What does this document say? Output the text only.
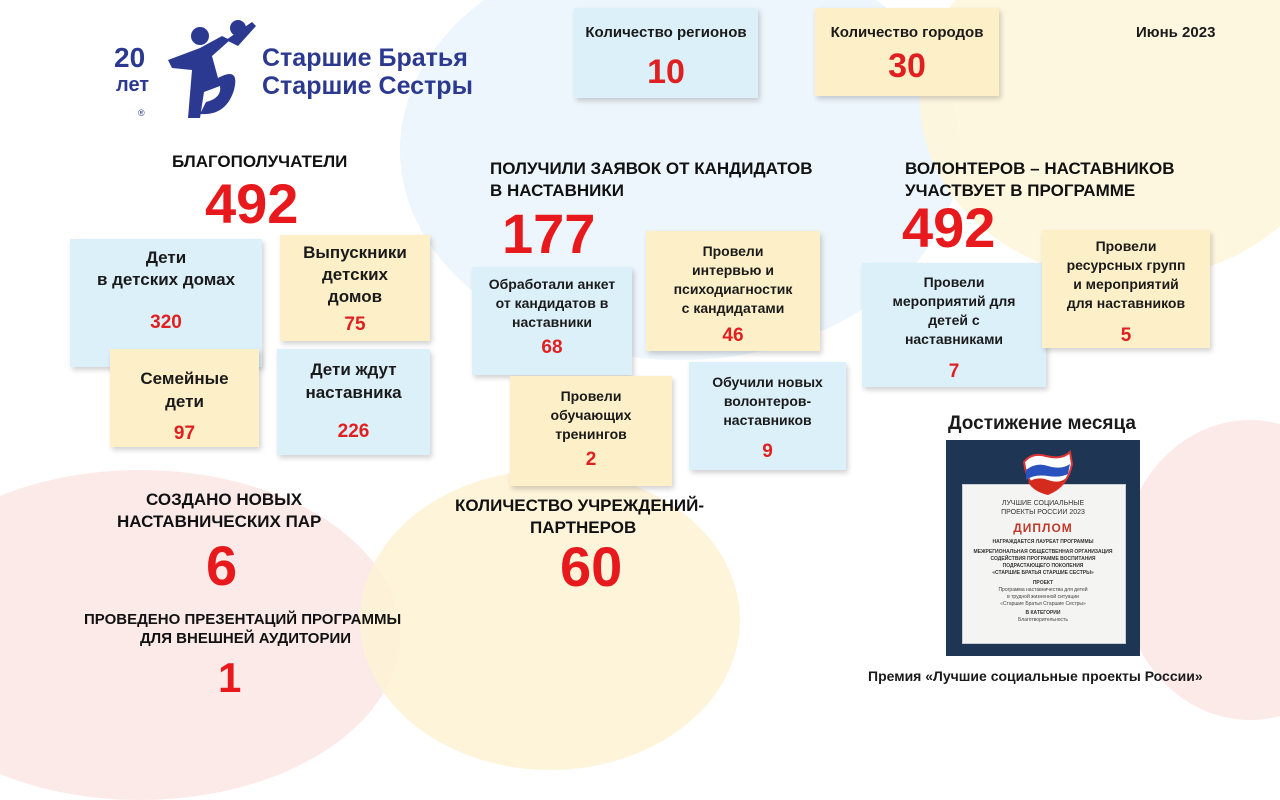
20
лет
®
Старшие Братья
Старшие Сестры
Количество регионов
10
Количество городов
30
Июнь 2023
БЛАГОПОЛУЧАТЕЛИ
492
Дети
в детских домах
320
Выпускники
детских
домов
75
Семейные
дети
97
Дети ждут
наставника
226
ПОЛУЧИЛИ ЗАЯВОК ОТ КАНДИДАТОВ
В НАСТАВНИКИ
177
Обработали анкет
от кандидатов в
наставники
68
Провели
интервью и
психодиагностик
с кандидатами
46
Провели
обучающих
тренингов
2
Обучили новых
волонтеров-
наставников
9
ВОЛОНТЕРОВ – НАСТАВНИКОВ
УЧАСТВУЕТ В ПРОГРАММЕ
492
Провели
мероприятий для
детей с
наставниками
7
Провели
ресурсных групп
и мероприятий
для наставников
5
СОЗДАНО НОВЫХ
НАСТАВНИЧЕСКИХ ПАР
6
КОЛИЧЕСТВО УЧРЕЖДЕНИЙ-
ПАРТНЕРОВ
60
ПРОВЕДЕНО ПРЕЗЕНТАЦИЙ ПРОГРАММЫ
ДЛЯ ВНЕШНЕЙ АУДИТОРИИ
1
Достижение месяца
ЛУЧШИЕ СОЦИАЛЬНЫЕ
ПРОЕКТЫ РОССИИ 2023
ДИПЛОМ
НАГРАЖДАЕТСЯ ЛАУРЕАТ ПРОГРАММЫ
МЕЖРЕГИОНАЛЬНАЯ ОБЩЕСТВЕННАЯ ОРГАНИЗАЦИЯ
СОДЕЙСТВИЯ ПРОГРАММЕ ВОСПИТАНИЯ
ПОДРАСТАЮЩЕГО ПОКОЛЕНИЯ
«СТАРШИЕ БРАТЬЯ СТАРШИЕ СЕСТРЫ»
ПРОЕКТ
Программа наставничества для детей
в трудной жизненной ситуации
«Старшие Братья Старшие Сестры»
В КАТЕГОРИИ
Благотворительность
Премия «Лучшие социальные проекты России»
